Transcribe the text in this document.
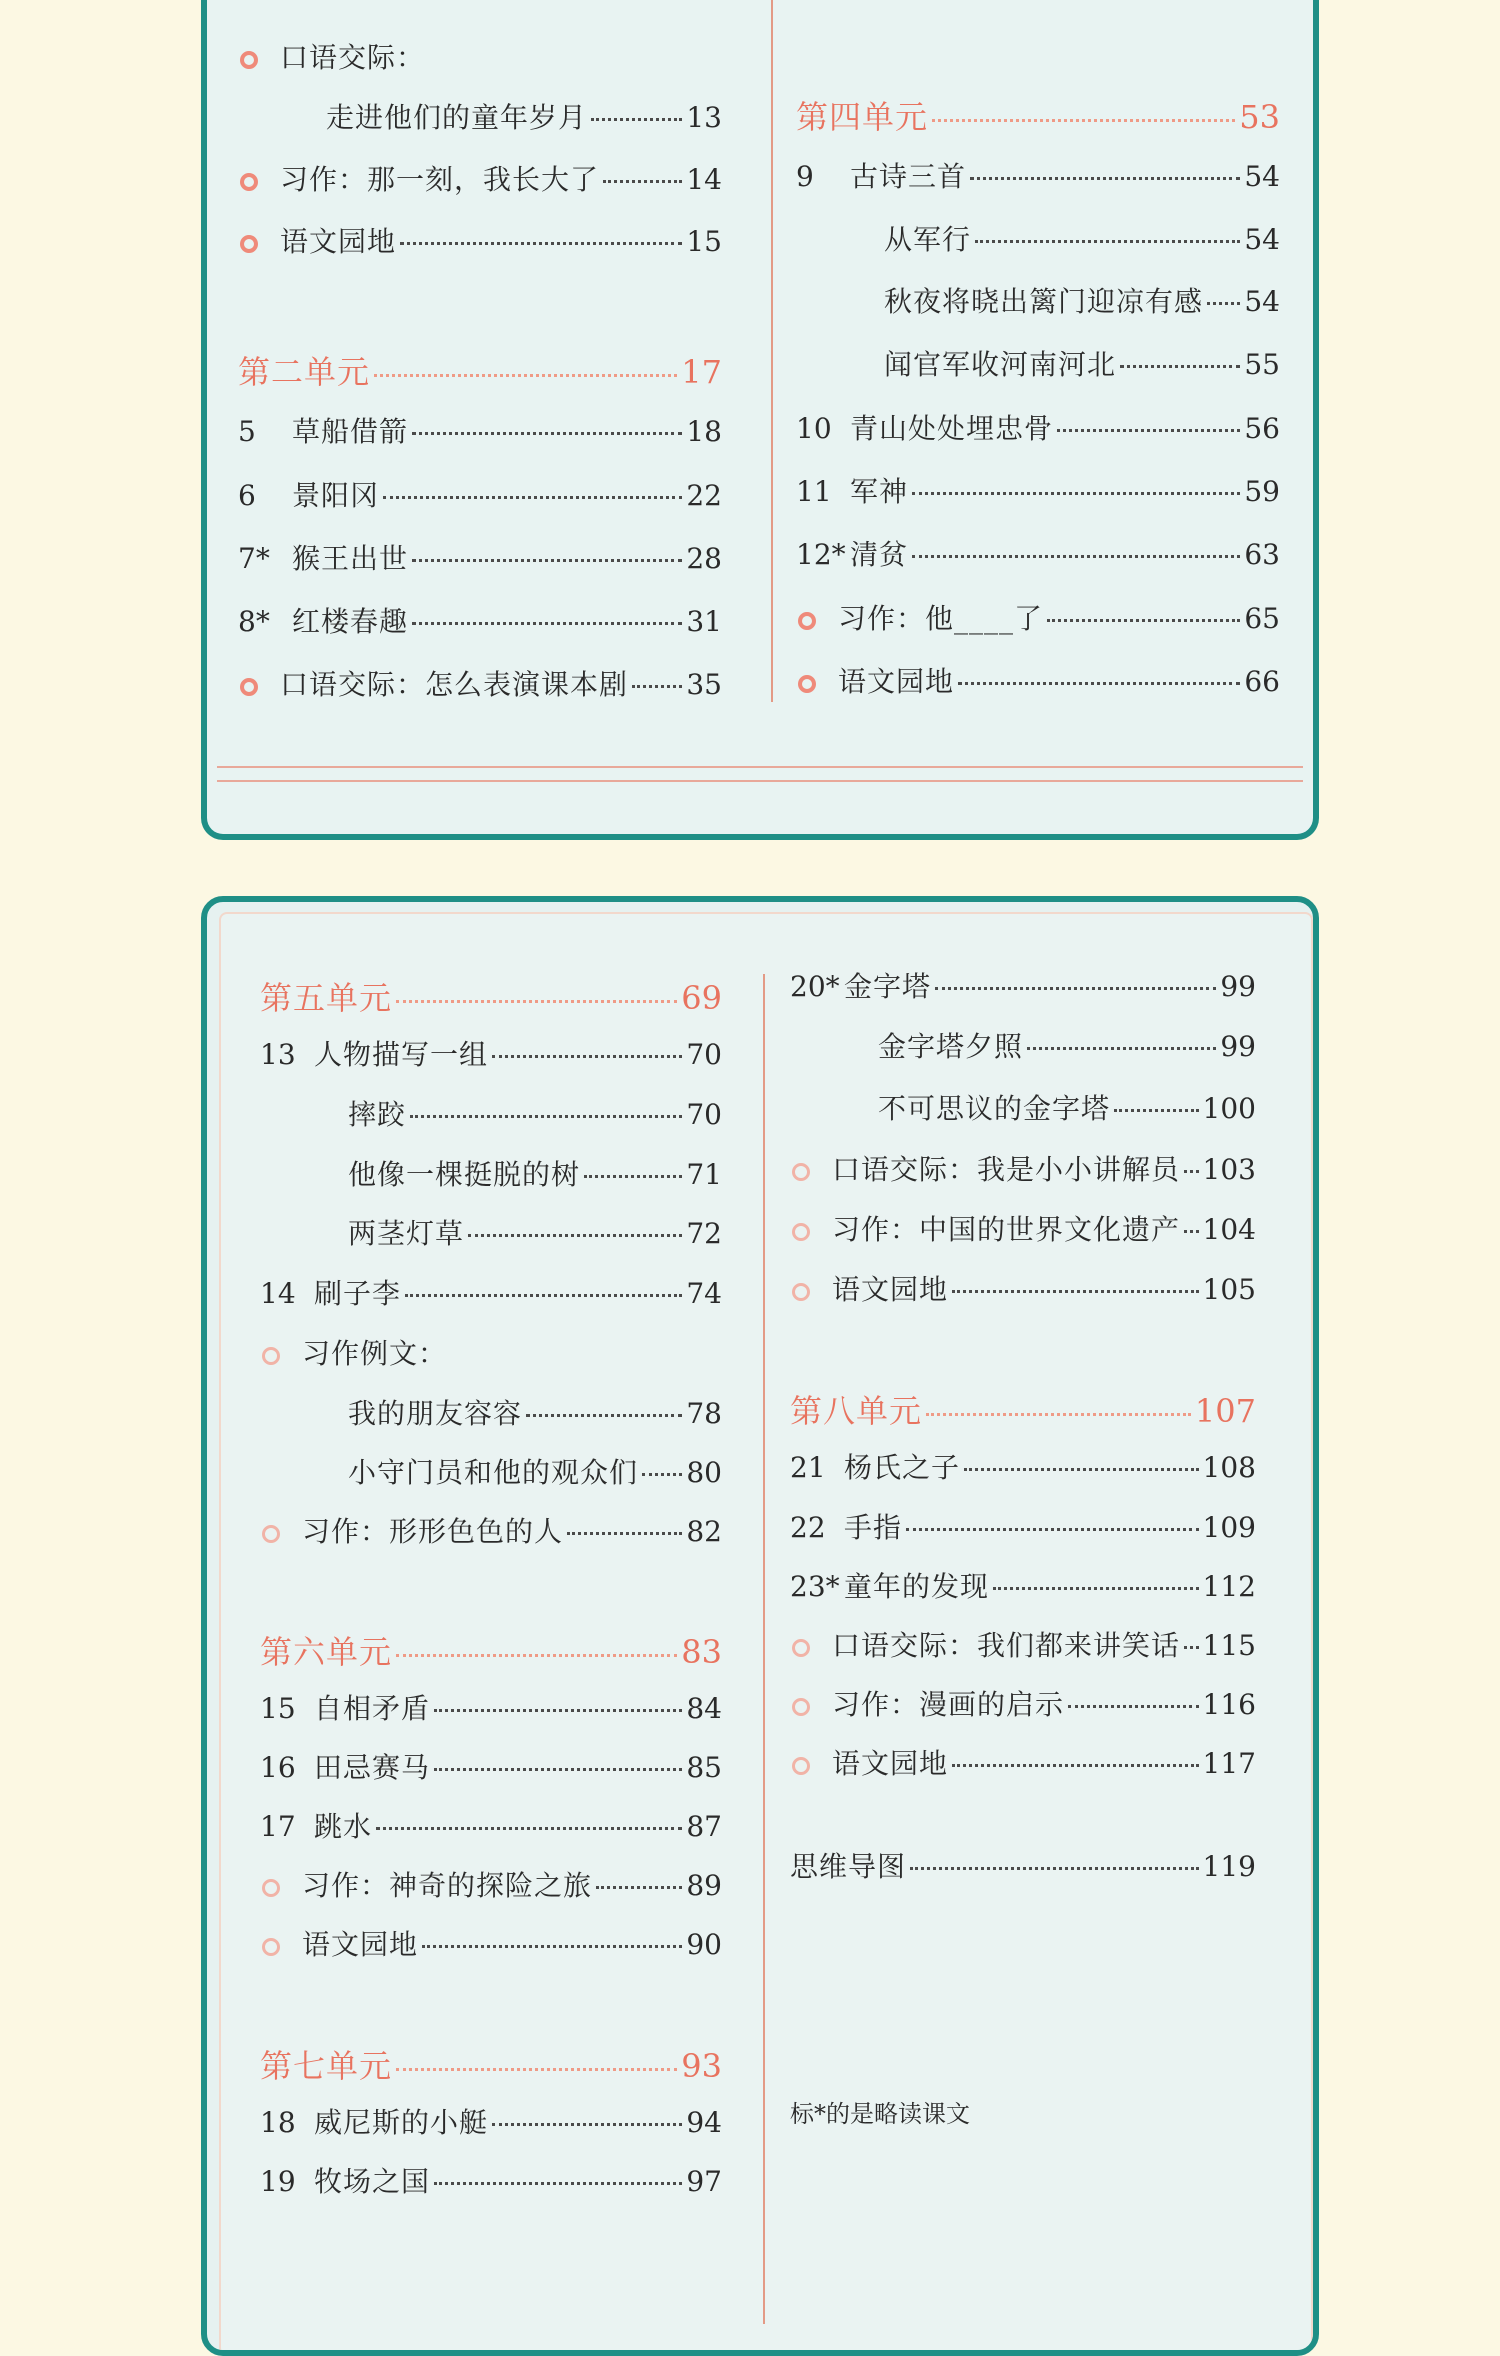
口语交际：
走进他们的童年岁月	13
习作：那一刻，我长大了	14
语文园地	15
第二单元	17
5	草船借箭	18
6	景阳冈	22
7* 猴王出世	28
8* 红楼春趣	31
口语交际：怎么表演课本剧 35
第四单元	53
9	古诗三首	54
从军行	54
秋夜将晓出篱门迎凉有感 54
闻官军收河南河北	55
10 青山处处埋忠骨	56
11 军神	59
12* 清贫	63
习作：他____了	65
语文园地	66
第五单元	69
13 人物描写一组	70
摔跤	70
他像一棵挺脱的树	71
两茎灯草	72
14 刷子李	74
习作例文：
我的朋友容容	78
小守门员和他的观众们 80
习作：形形色色的人	82
第六单元	83
15 自相矛盾	84
16 田忌赛马	85
17 跳水	87
习作：神奇的探险之旅	89
语文园地	90
第七单元	93
18 威尼斯的小艇	94
19 牧场之国	97
20* 金字塔	99
金字塔夕照	99
不可思议的金字塔	100
口语交际：我是小小讲解员 103
习作：中国的世界文化遗产 104
语文园地	105
第八单元	107
21 杨氏之子	108
22 手指	109
23* 童年的发现	112
口语交际：我们都来讲笑话 115
习作：漫画的启示	116
语文园地	117
思维导图	119
标*的是略读课文
